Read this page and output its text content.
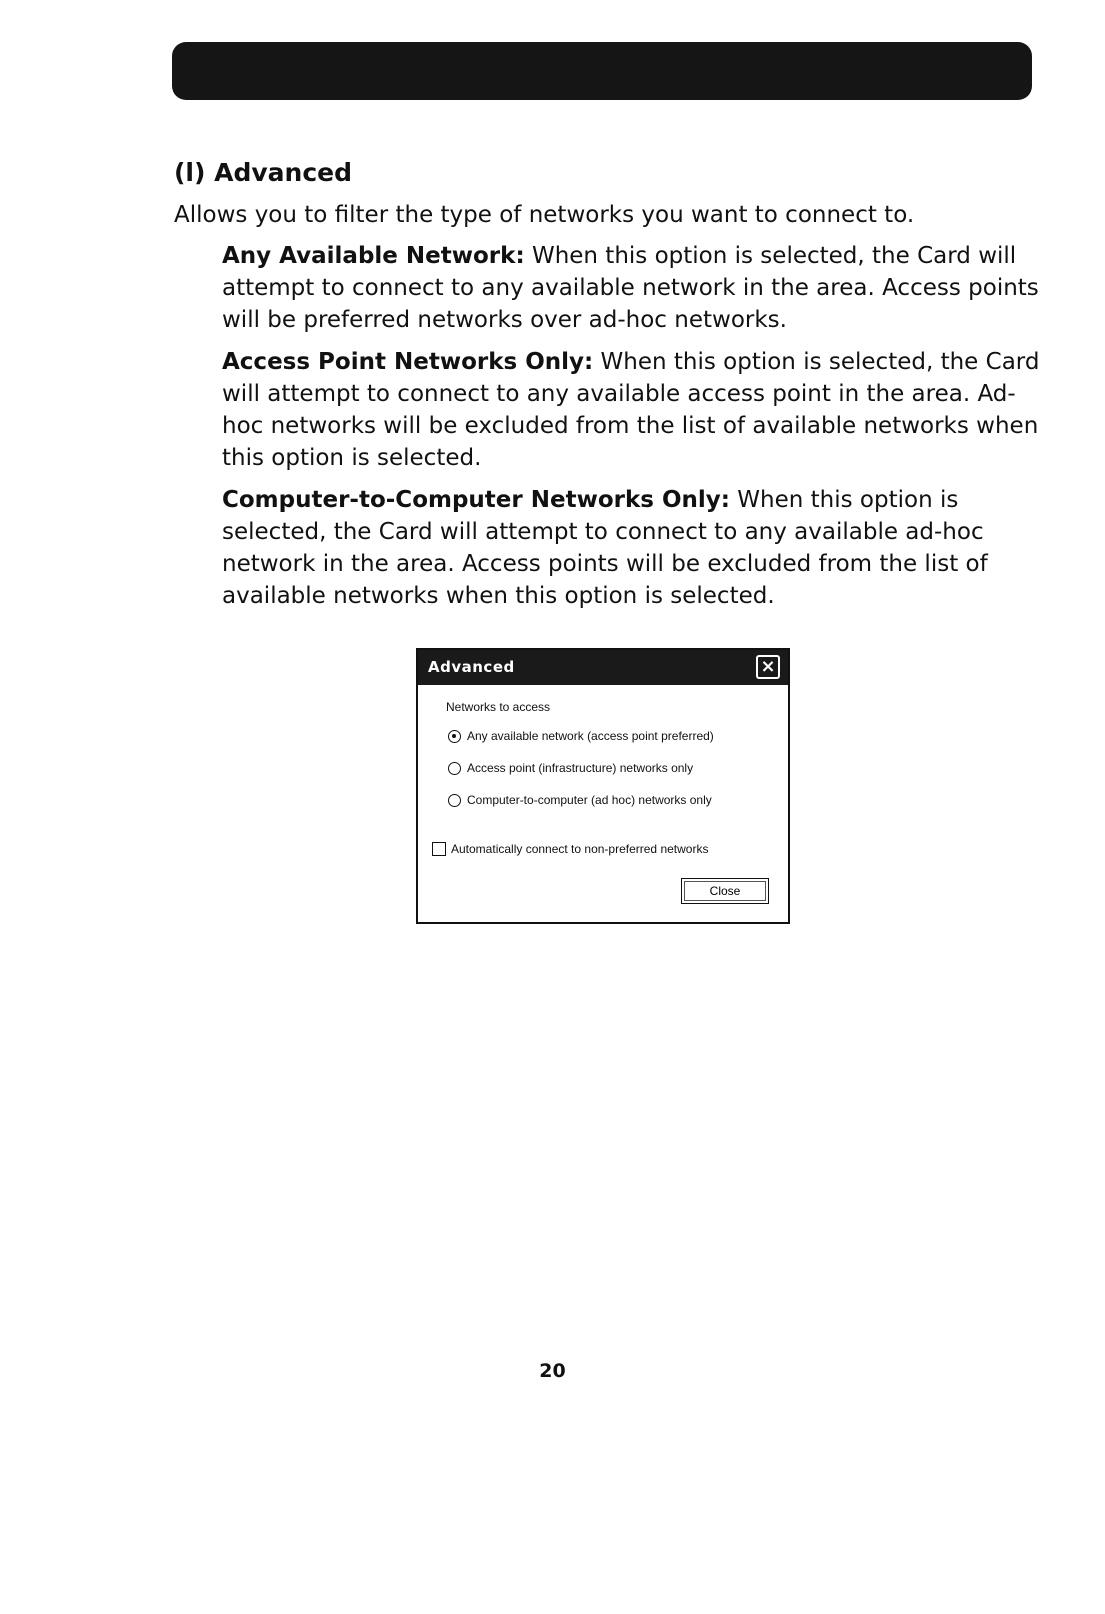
USING THE BELKIN WIRELESS LAN UTILITY
(l) Advanced
Allows you to filter the type of networks you want to connect to.
Any Available Network: When this option is selected, the Card will attempt to connect to any available network in the area. Access points will be preferred networks over ad-hoc networks.
Access Point Networks Only: When this option is selected, the Card will attempt to connect to any available access point in the area. Ad-hoc networks will be excluded from the list of available networks when this option is selected.
Computer-to-Computer Networks Only: When this option is selected, the Card will attempt to connect to any available ad-hoc network in the area. Access points will be excluded from the list of available networks when this option is selected.
Advanced	×
Networks to access
Any available network (access point preferred)
Access point (infrastructure) networks only
Computer-to-computer (ad hoc) networks only
Automatically connect to non-preferred networks
Close
20
